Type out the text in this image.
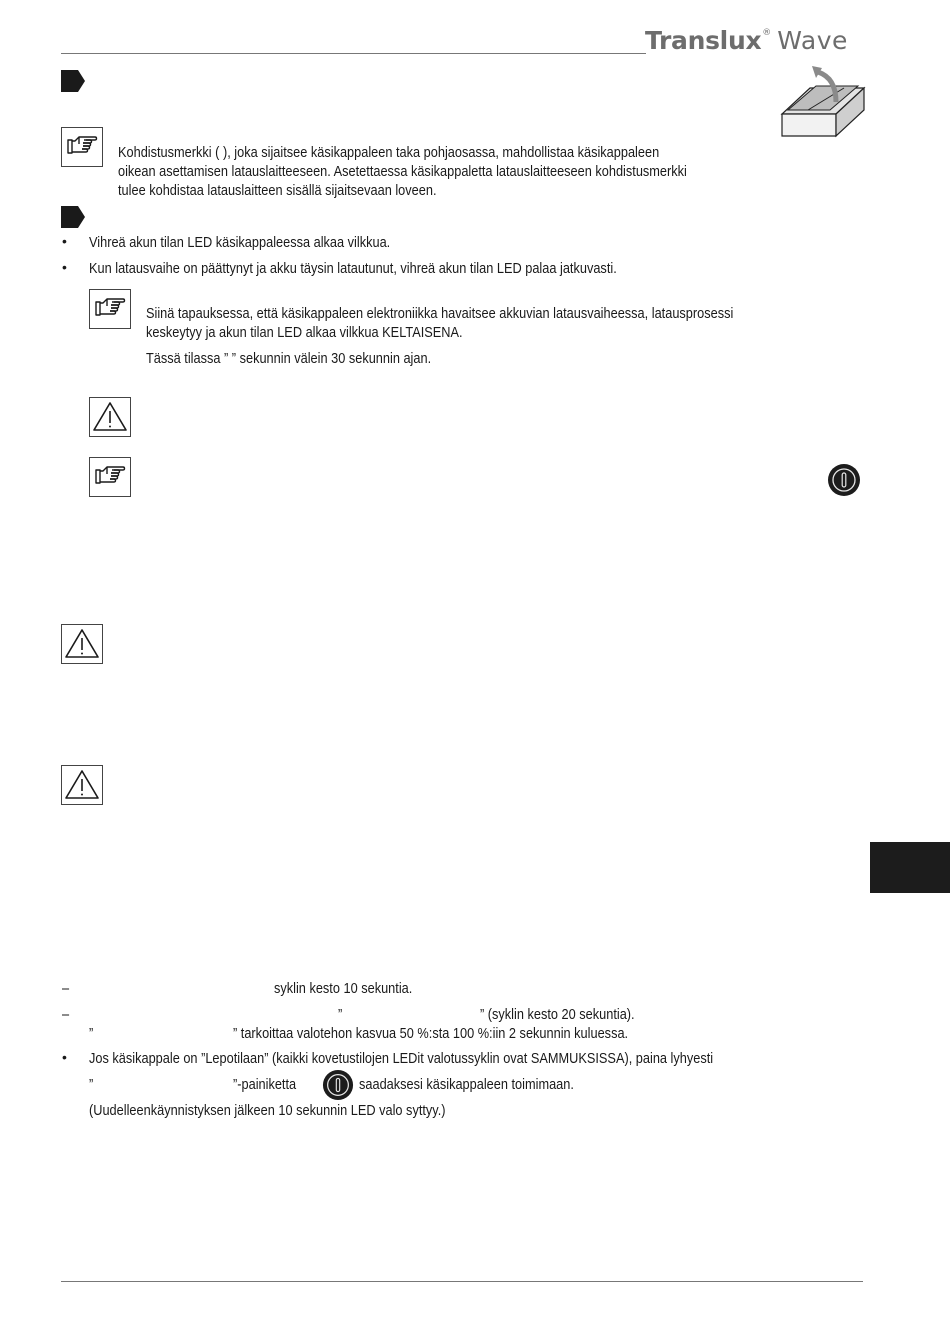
Translux® Wave
Kohdistusmerkki ( ), joka sijaitsee käsikappaleen taka pohjaosassa, mahdollistaa käsikappaleen
oikean asettamisen latauslaitteeseen. Asetettaessa käsikappaletta latauslaitteeseen kohdistusmerkki
tulee kohdistaa latauslaitteen sisällä sijaitsevaan loveen.
• Vihreä akun tilan LED käsikappaleessa alkaa vilkkua.
• Kun latausvaihe on päättynyt ja akku täysin latautunut, vihreä akun tilan LED palaa jatkuvasti.
Siinä tapauksessa, että käsikappaleen elektroniikka havaitsee akkuvian latausvaiheessa, latausprosessi
keskeytyy ja akun tilan LED alkaa vilkkua KELTAISENA.
Tässä tilassa ” ” sekunnin välein 30 sekunnin ajan.
–	syklin kesto 10 sekuntia.
–	”	” (syklin kesto 20 sekuntia).
”	” tarkoittaa valotehon kasvua 50 %:sta 100 %:iin 2 sekunnin kuluessa.
• Jos käsikappale on ”Lepotilaan” (kaikki kovetustilojen LEDit valotussyklin ovat SAMMUKSISSA), paina lyhyesti
”	”-painiketta	saadaksesi käsikappaleen toimimaan.
(Uudelleenkäynnistyksen jälkeen 10 sekunnin LED valo syttyy.)
